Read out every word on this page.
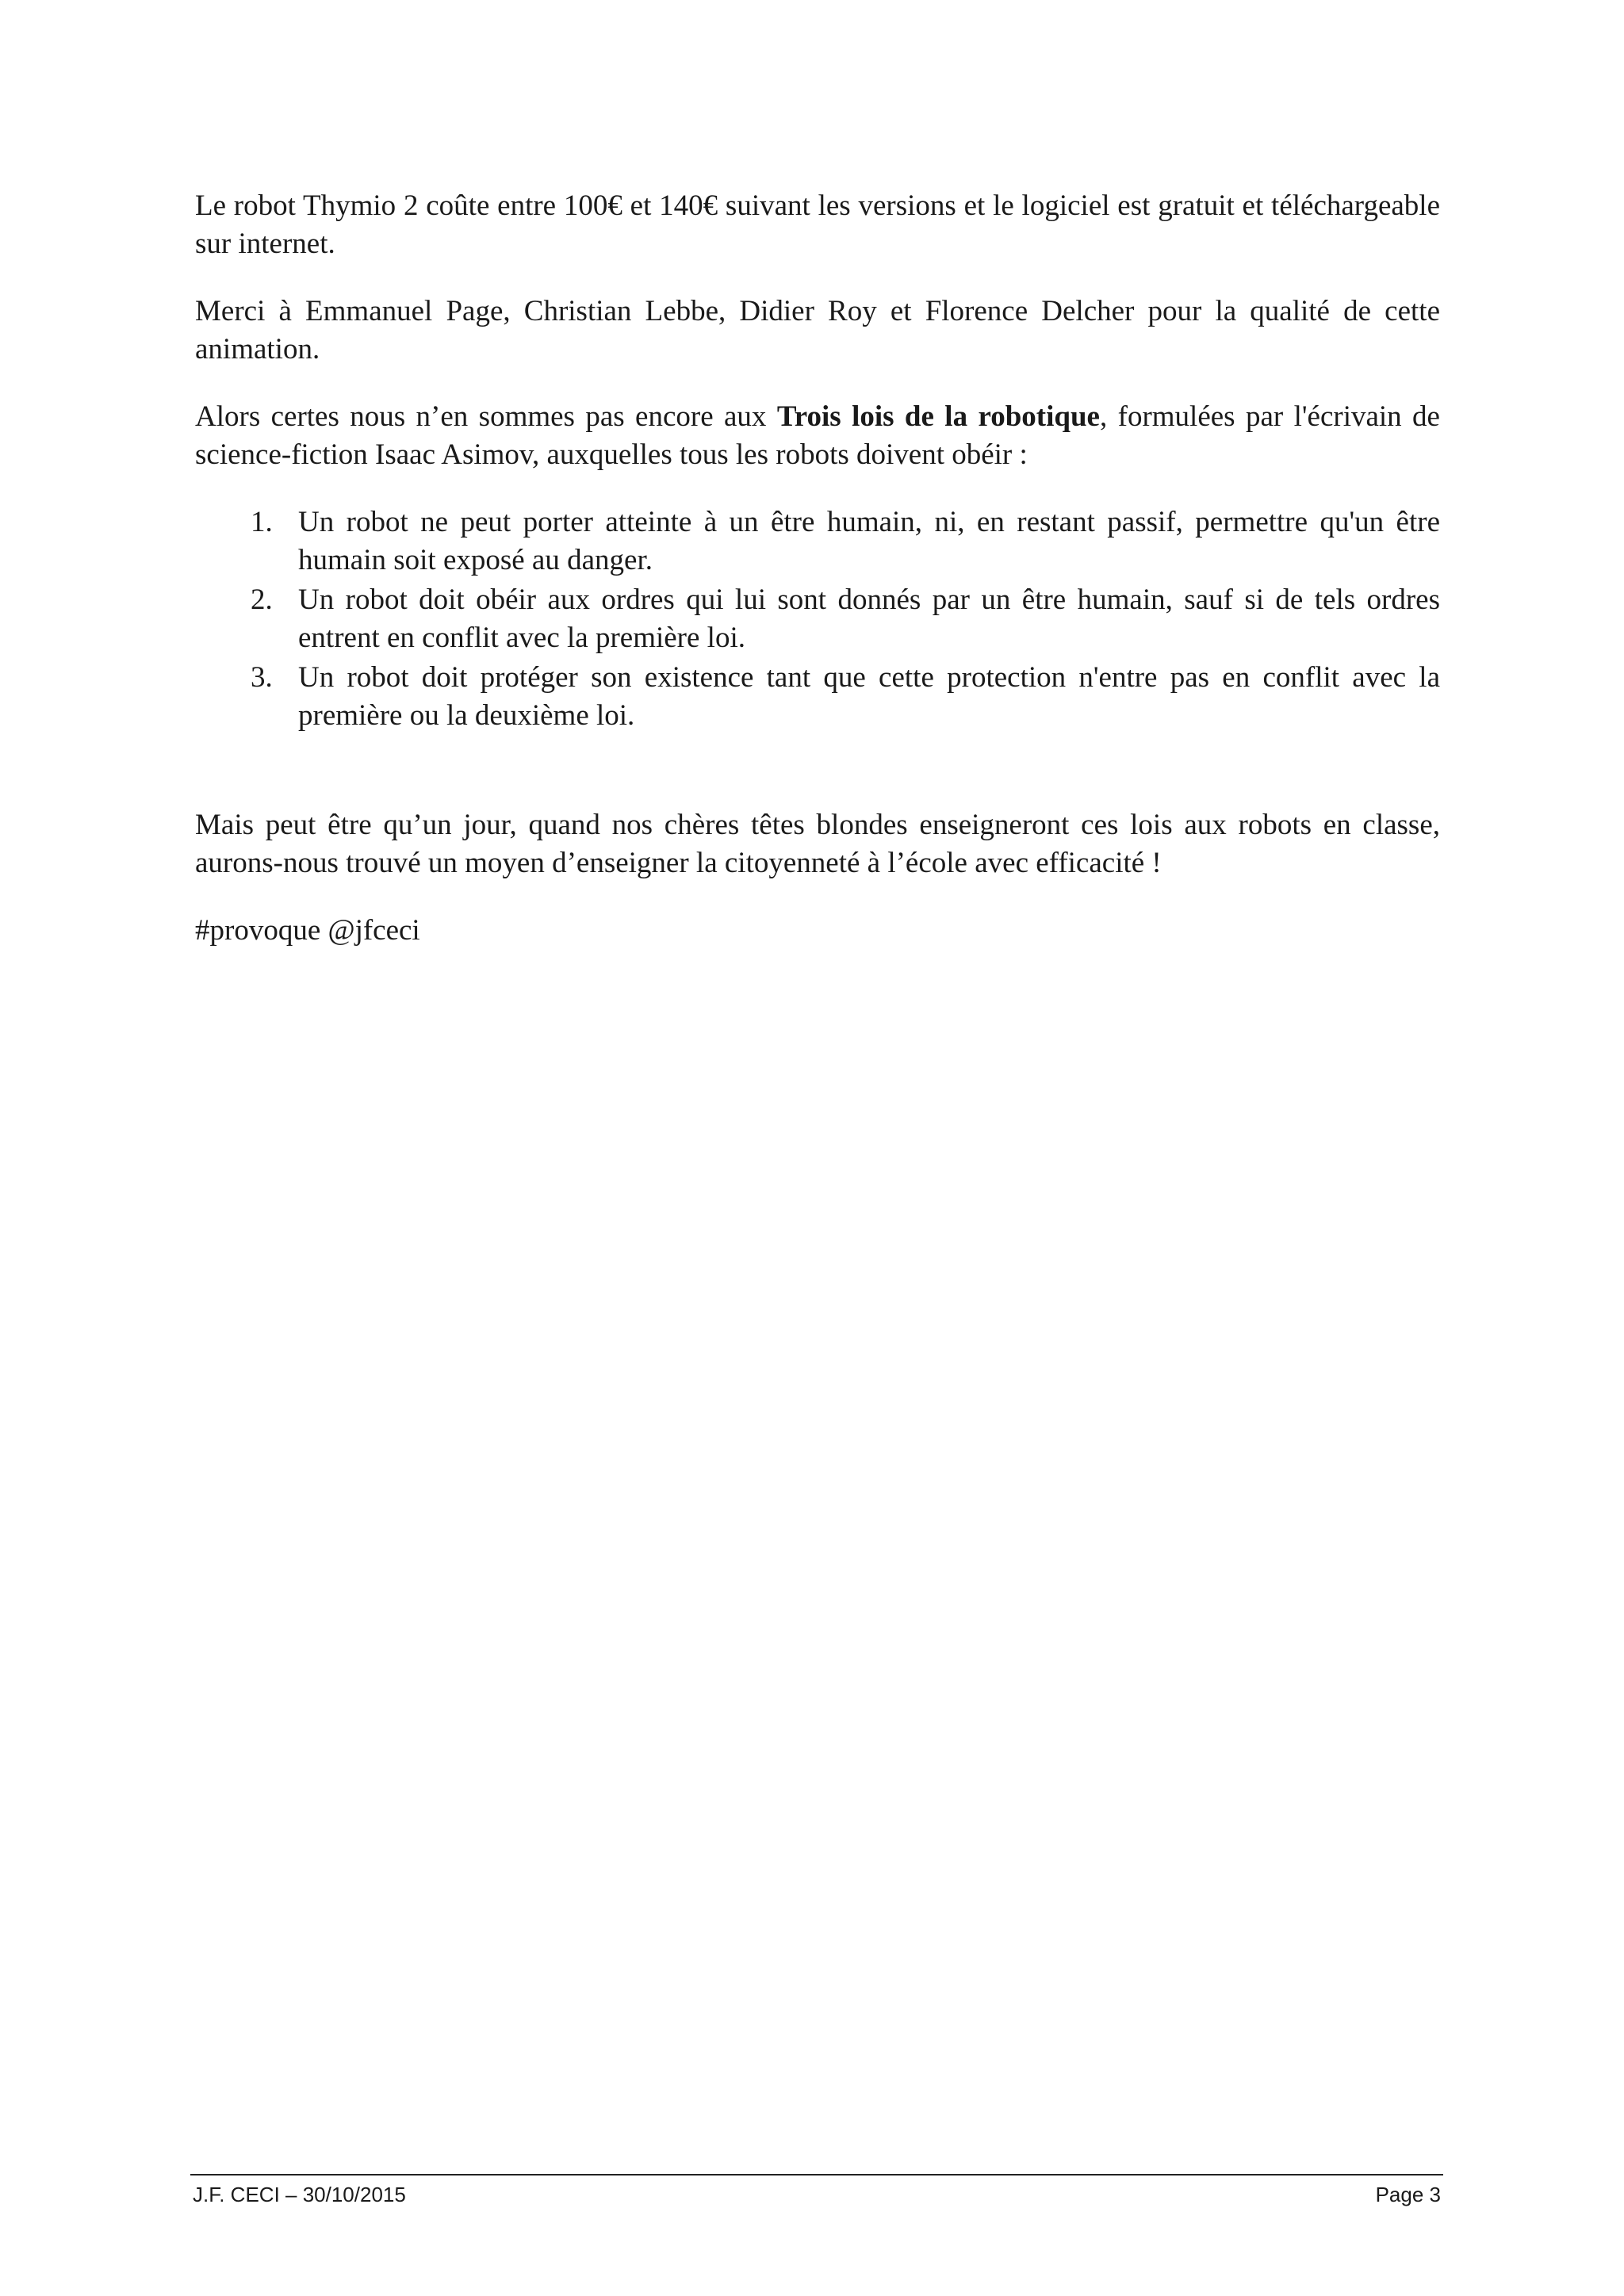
Le robot Thymio 2 coûte entre 100€ et 140€ suivant les versions et le logiciel est gratuit et téléchargeable sur internet.

Merci à Emmanuel Page, Christian Lebbe, Didier Roy et Florence Delcher pour la qualité de cette animation.

Alors certes nous n’en sommes pas encore aux Trois lois de la robotique, formulées par l'écrivain de science-fiction Isaac Asimov, auxquelles tous les robots doivent obéir :

1. Un robot ne peut porter atteinte à un être humain, ni, en restant passif, permettre qu'un être humain soit exposé au danger.
2. Un robot doit obéir aux ordres qui lui sont donnés par un être humain, sauf si de tels ordres entrent en conflit avec la première loi.
3. Un robot doit protéger son existence tant que cette protection n'entre pas en conflit avec la première ou la deuxième loi.

Mais peut être qu’un jour, quand nos chères têtes blondes enseigneront ces lois aux robots en classe, aurons-nous trouvé un moyen d’enseigner la citoyenneté à l’école avec efficacité !

#provoque @jfceci

J.F. CECI – 30/10/2015	Page 3
